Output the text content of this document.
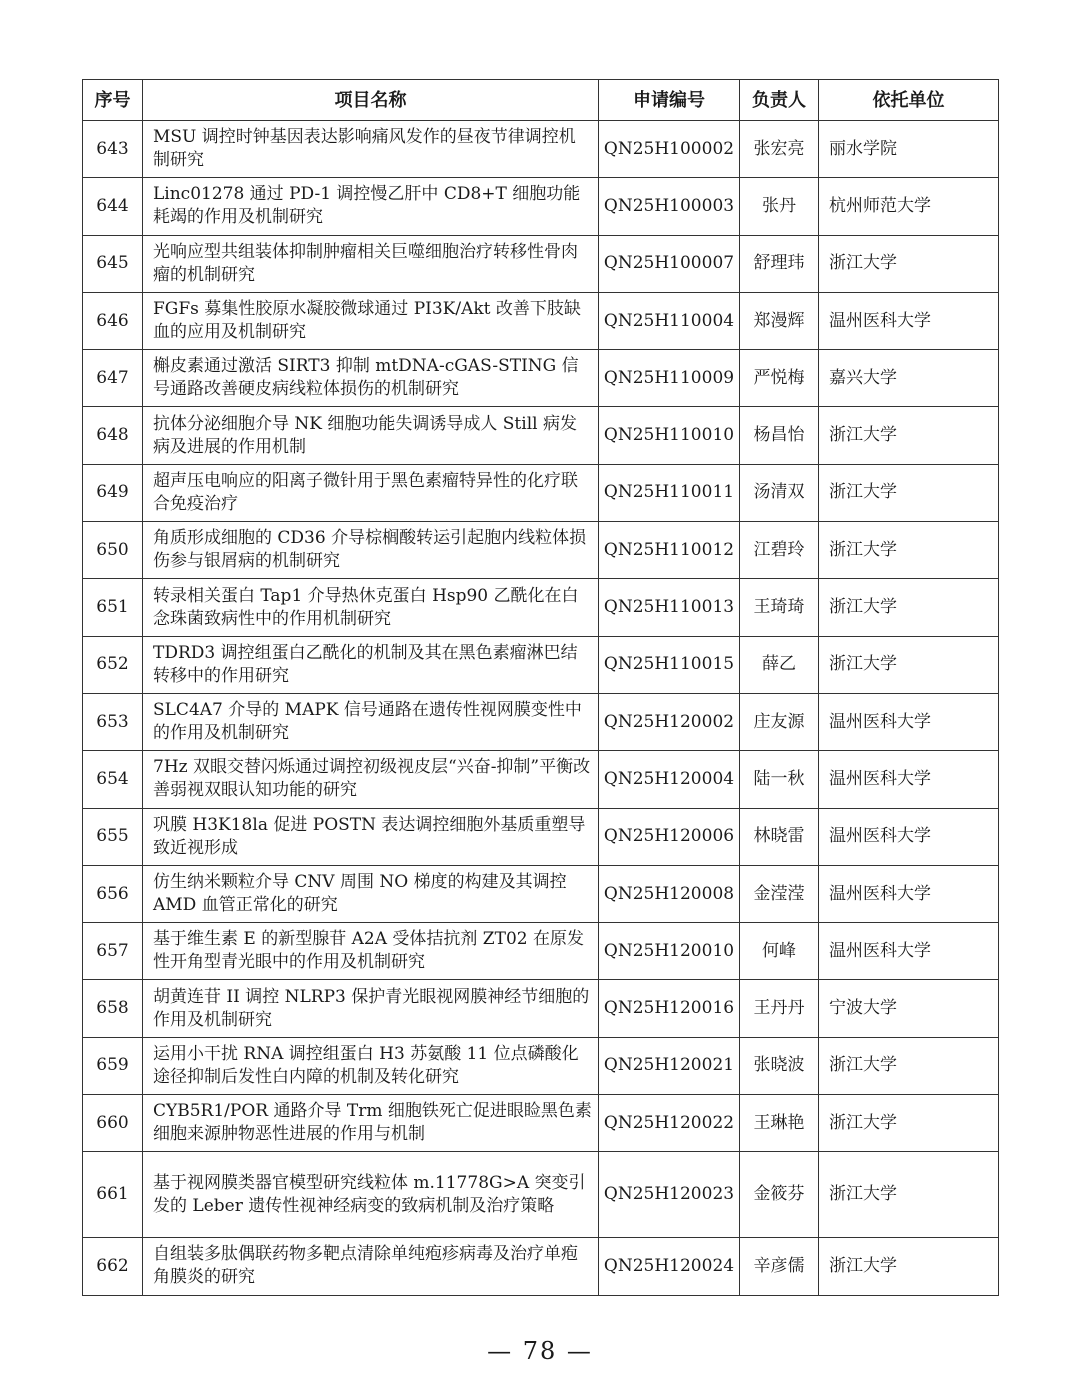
序号	项目名称	申请编号	负责人	依托单位
643	MSU 调控时钟基因表达影响痛风发作的昼夜节律调控机制研究	QN25H100002	张宏亮	丽水学院
644	Linc01278 通过 PD-1 调控慢乙肝中 CD8+T 细胞功能耗竭的作用及机制研究	QN25H100003	张丹	杭州师范大学
645	光响应型共组装体抑制肿瘤相关巨噬细胞治疗转移性骨肉瘤的机制研究	QN25H100007	舒理玮	浙江大学
646	FGFs 募集性胶原水凝胶微球通过 PI3K/Akt 改善下肢缺血的应用及机制研究	QN25H110004	郑漫辉	温州医科大学
647	槲皮素通过激活 SIRT3 抑制 mtDNA-cGAS-STING 信号通路改善硬皮病线粒体损伤的机制研究	QN25H110009	严悦梅	嘉兴大学
648	抗体分泌细胞介导 NK 细胞功能失调诱导成人 Still 病发病及进展的作用机制	QN25H110010	杨昌怡	浙江大学
649	超声压电响应的阳离子微针用于黑色素瘤特异性的化疗联合免疫治疗	QN25H110011	汤清双	浙江大学
650	角质形成细胞的 CD36 介导棕榈酸转运引起胞内线粒体损伤参与银屑病的机制研究	QN25H110012	江碧玲	浙江大学
651	转录相关蛋白 Tap1 介导热休克蛋白 Hsp90 乙酰化在白念珠菌致病性中的作用机制研究	QN25H110013	王琦琦	浙江大学
652	TDRD3 调控组蛋白乙酰化的机制及其在黑色素瘤淋巴结转移中的作用研究	QN25H110015	薛乙	浙江大学
653	SLC4A7 介导的 MAPK 信号通路在遗传性视网膜变性中的作用及机制研究	QN25H120002	庄友源	温州医科大学
654	7Hz 双眼交替闪烁通过调控初级视皮层“兴奋-抑制”平衡改善弱视双眼认知功能的研究	QN25H120004	陆一秋	温州医科大学
655	巩膜 H3K18la 促进 POSTN 表达调控细胞外基质重塑导致近视形成	QN25H120006	林晓雷	温州医科大学
656	仿生纳米颗粒介导 CNV 周围 NO 梯度的构建及其调控 AMD 血管正常化的研究	QN25H120008	金滢滢	温州医科大学
657	基于维生素 E 的新型腺苷 A2A 受体拮抗剂 ZT02 在原发性开角型青光眼中的作用及机制研究	QN25H120010	何峰	温州医科大学
658	胡黄连苷 II 调控 NLRP3 保护青光眼视网膜神经节细胞的作用及机制研究	QN25H120016	王丹丹	宁波大学
659	运用小干扰 RNA 调控组蛋白 H3 苏氨酸 11 位点磷酸化途径抑制后发性白内障的机制及转化研究	QN25H120021	张晓波	浙江大学
660	CYB5R1/POR 通路介导 Trm 细胞铁死亡促进眼睑黑色素细胞来源肿物恶性进展的作用与机制	QN25H120022	王琳艳	浙江大学
661	基于视网膜类器官模型研究线粒体 m.11778G>A 突变引发的 Leber 遗传性视神经病变的致病机制及治疗策略	QN25H120023	金筱芬	浙江大学
662	自组装多肽偶联药物多靶点清除单纯疱疹病毒及治疗单疱角膜炎的研究	QN25H120024	辛彦儒	浙江大学
— 78 —
